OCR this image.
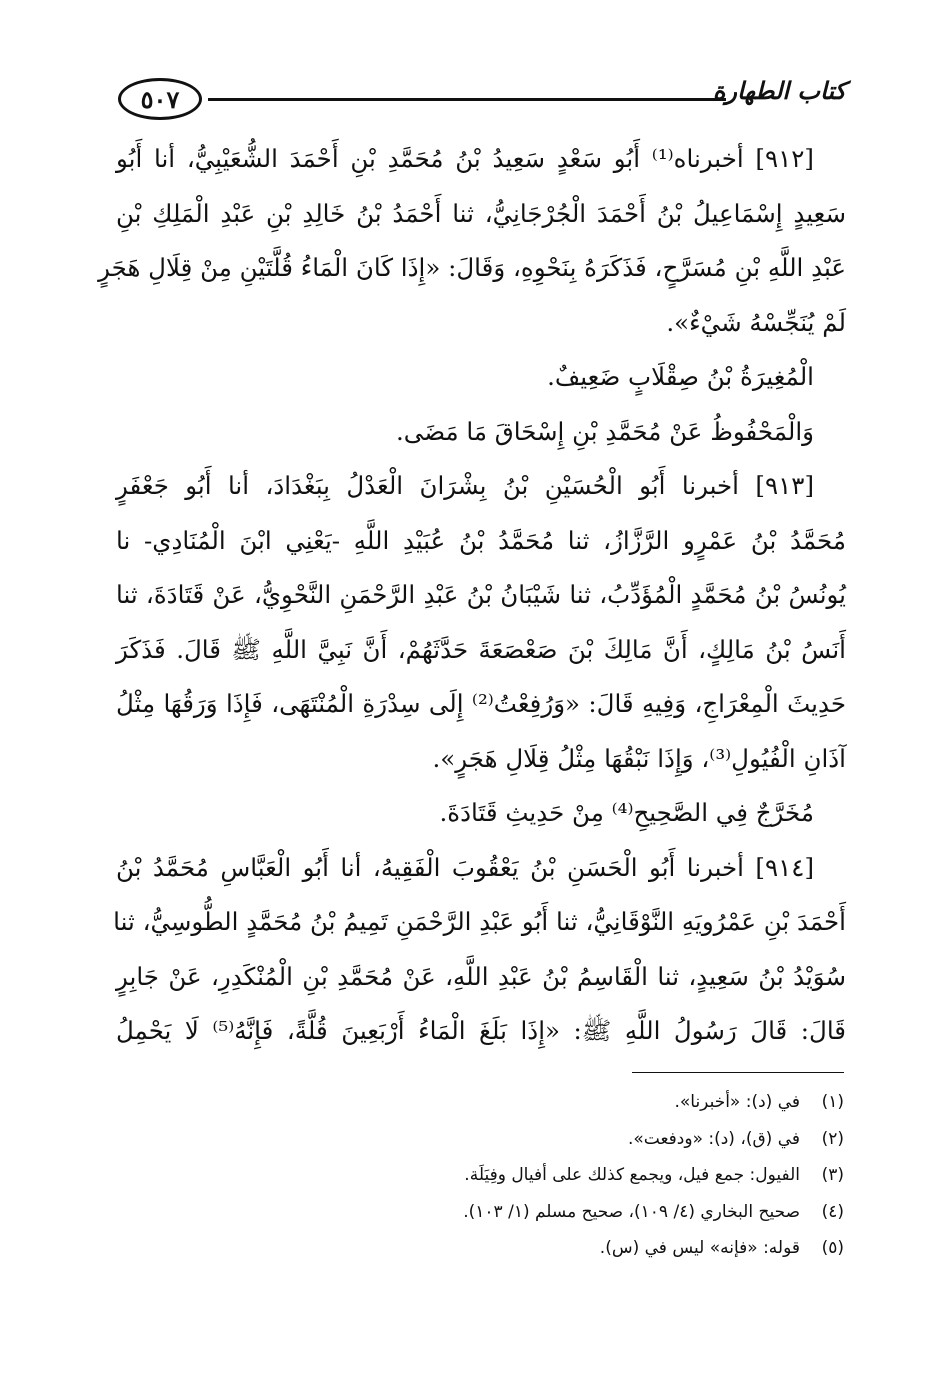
٥٠٧	كتاب الطهارة
[٩١٢] أخبرناه⁽¹⁾ أَبُو سَعْدٍ سَعِيدُ بْنُ مُحَمَّدِ بْنِ أَحْمَدَ الشُّعَيْبِيُّ، أنا أَبُو
سَعِيدٍ إِسْمَاعِيلُ بْنُ أَحْمَدَ الْجُرْجَانِيُّ، ثنا أَحْمَدُ بْنُ خَالِدِ بْنِ عَبْدِ الْمَلِكِ بْنِ
عَبْدِ اللَّهِ بْنِ مُسَرَّحٍ، فَذَكَرَهُ بِنَحْوِهِ، وَقَالَ: «إِذَا كَانَ الْمَاءُ قُلَّتَيْنِ مِنْ قِلَالِ هَجَرٍ
لَمْ يُنَجِّسْهُ شَيْءٌ».
الْمُغِيرَةُ بْنُ صِقْلَابٍ ضَعِيفٌ.
وَالْمَحْفُوظُ عَنْ مُحَمَّدِ بْنِ إِسْحَاقَ مَا مَضَى.
[٩١٣] أخبرنا أَبُو الْحُسَيْنِ بْنُ بِشْرَانَ الْعَدْلُ بِبَغْدَادَ، أنا أَبُو جَعْفَرٍ
مُحَمَّدُ بْنُ عَمْرٍو الرَّزَّازُ، ثنا مُحَمَّدُ بْنُ عُبَيْدِ اللَّهِ -يَعْنِي ابْنَ الْمُنَادِي- نا
يُونُسُ بْنُ مُحَمَّدٍ الْمُؤَدِّبُ، ثنا شَيْبَانُ بْنُ عَبْدِ الرَّحْمَنِ النَّحْوِيُّ، عَنْ قَتَادَةَ، ثنا
أَنَسُ بْنُ مَالِكٍ، أَنَّ مَالِكَ بْنَ صَعْصَعَةَ حَدَّثَهُمْ، أَنَّ نَبِيَّ اللَّهِ ﷺ قَالَ. فَذَكَرَ
حَدِيثَ الْمِعْرَاجِ، وَفِيهِ قَالَ: «وَرُفِعْتُ⁽²⁾ إِلَى سِدْرَةِ الْمُنْتَهَى، فَإِذَا وَرَقُهَا مِثْلُ
آذَانِ الْفُيُولِ⁽³⁾، وَإِذَا نَبْقُهَا مِثْلُ قِلَالِ هَجَرٍ».
مُخَرَّجٌ فِي الصَّحِيحِ⁽⁴⁾ مِنْ حَدِيثِ قَتَادَةَ.
[٩١٤] أخبرنا أَبُو الْحَسَنِ بْنُ يَعْقُوبَ الْفَقِيهُ، أنا أَبُو الْعَبَّاسِ مُحَمَّدُ بْنُ
أَحْمَدَ بْنِ عَمْرُويَهِ النَّوْقَانِيُّ، ثنا أَبُو عَبْدِ الرَّحْمَنِ تَمِيمُ بْنُ مُحَمَّدٍ الطُّوسِيُّ، ثنا
سُوَيْدُ بْنُ سَعِيدٍ، ثنا الْقَاسِمُ بْنُ عَبْدِ اللَّهِ، عَنْ مُحَمَّدِ بْنِ الْمُنْكَدِرِ، عَنْ جَابِرٍ
قَالَ: قَالَ رَسُولُ اللَّهِ ﷺ: «إِذَا بَلَغَ الْمَاءُ أَرْبَعِينَ قُلَّةً، فَإِنَّهُ⁽⁵⁾ لَا يَحْمِلُ
(١)في (د): «أخبرنا».
(٢)في (ق)، (د): «ودفعت».
(٣)الفيول: جمع فيل، ويجمع كذلك على أفيال وفِيَلَة.
(٤)صحيح البخاري (٤/ ١٠٩)، صحيح مسلم (١/ ١٠٣).
(٥)قوله: «فإنه» ليس في (س).
